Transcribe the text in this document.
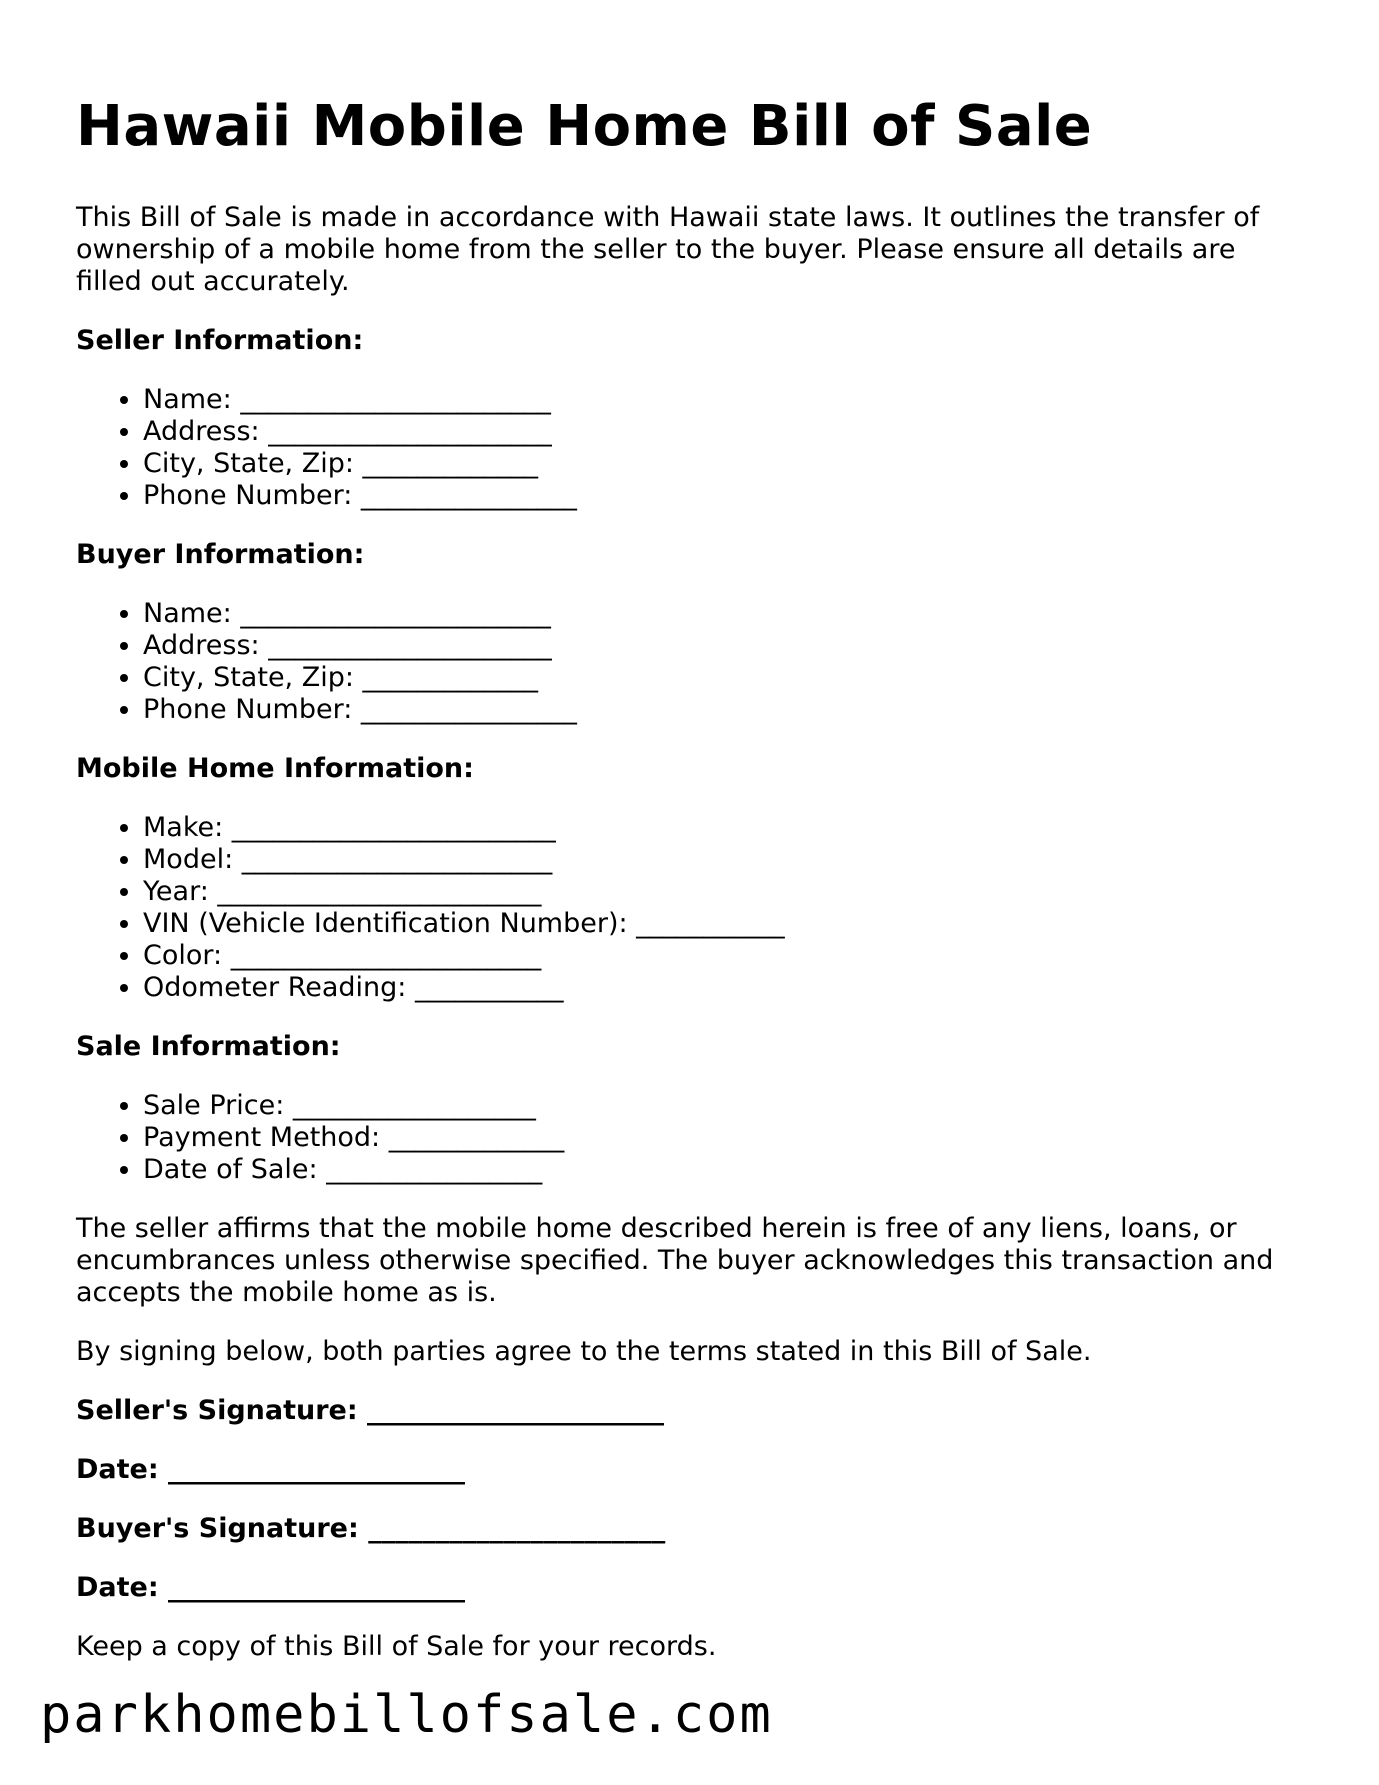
Hawaii Mobile Home Bill of Sale

This Bill of Sale is made in accordance with Hawaii state laws. It outlines the transfer of ownership of a mobile home from the seller to the buyer. Please ensure all details are filled out accurately.

Seller Information:
• Name: _______________________
• Address: _____________________
• City, State, Zip: _____________
• Phone Number: ________________
Buyer Information:
• Name: _______________________
• Address: _____________________
• City, State, Zip: _____________
• Phone Number: ________________
Mobile Home Information:
• Make: ________________________
• Model: _______________________
• Year: ________________________
• VIN (Vehicle Identification Number): ___________
• Color: _______________________
• Odometer Reading: ___________
Sale Information:
• Sale Price: __________________
• Payment Method: _____________
• Date of Sale: ________________

The seller affirms that the mobile home described herein is free of any liens, loans, or encumbrances unless otherwise specified. The buyer acknowledges this transaction and accepts the mobile home as is.

By signing below, both parties agree to the terms stated in this Bill of Sale.

Seller's Signature: ______________________
Date: ______________________
Buyer's Signature: ______________________
Date: ______________________

Keep a copy of this Bill of Sale for your records.

parkhomebillofsale.com
